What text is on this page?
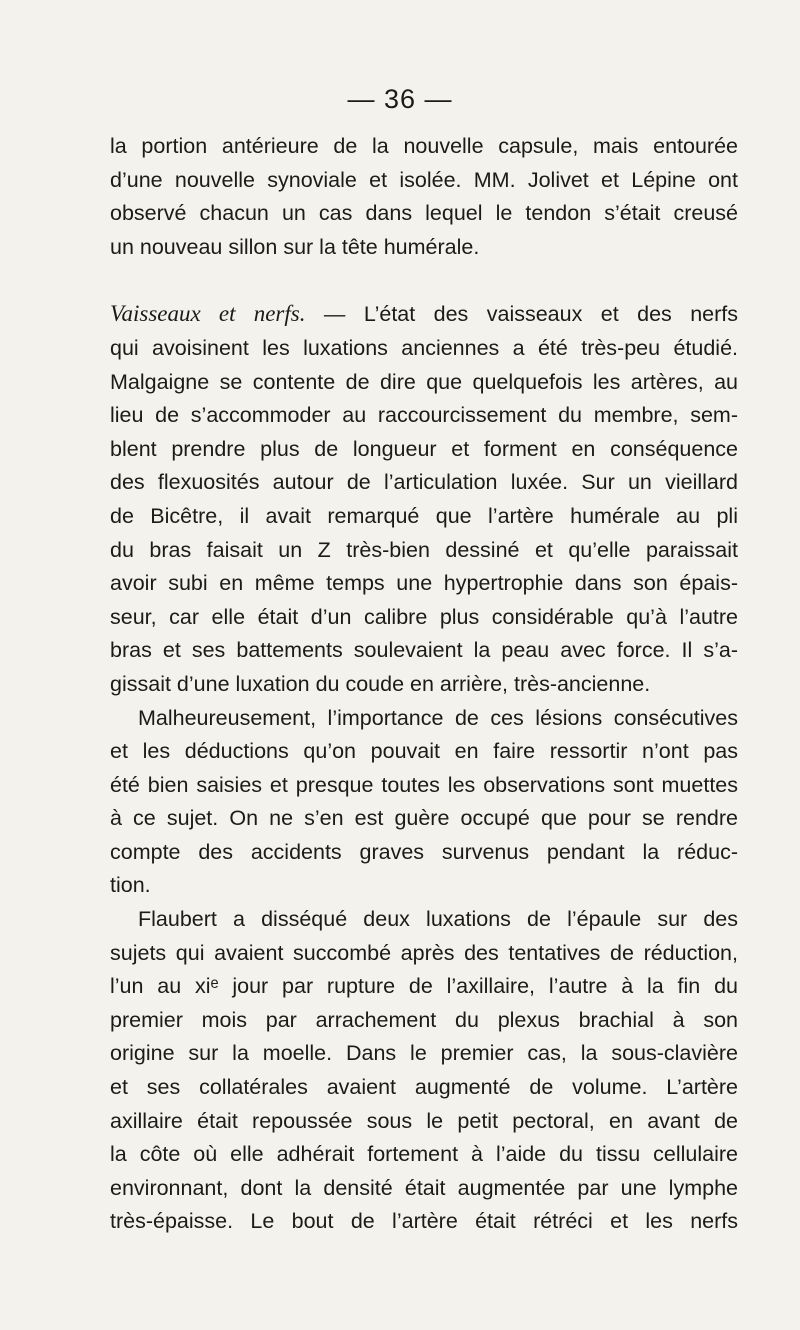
— 36 —
la portion antérieure de la nouvelle capsule, mais entourée
d’une nouvelle synoviale et isolée. MM. Jolivet et Lépine ont
observé chacun un cas dans lequel le tendon s’était creusé
un nouveau sillon sur la tête humérale.
Vaisseaux et nerfs. — L’état des vaisseaux et des nerfs
qui avoisinent les luxations anciennes a été très-peu étudié.
Malgaigne se contente de dire que quelquefois les artères, au
lieu de s’accommoder au raccourcissement du membre, sem-
blent prendre plus de longueur et forment en conséquence
des flexuosités autour de l’articulation luxée. Sur un vieillard
de Bicêtre, il avait remarqué que l’artère humérale au pli
du bras faisait un Z très-bien dessiné et qu’elle paraissait
avoir subi en même temps une hypertrophie dans son épais-
seur, car elle était d’un calibre plus considérable qu’à l’autre
bras et ses battements soulevaient la peau avec force. Il s’a-
gissait d’une luxation du coude en arrière, très-ancienne.
Malheureusement, l’importance de ces lésions consécutives
et les déductions qu’on pouvait en faire ressortir n’ont pas
été bien saisies et presque toutes les observations sont muettes
à ce sujet. On ne s’en est guère occupé que pour se rendre
compte des accidents graves survenus pendant la réduc-
tion.
Flaubert a disséqué deux luxations de l’épaule sur des
sujets qui avaient succombé après des tentatives de réduction,
l’un au xiᵉ jour par rupture de l’axillaire, l’autre à la fin du
premier mois par arrachement du plexus brachial à son
origine sur la moelle. Dans le premier cas, la sous-clavière
et ses collatérales avaient augmenté de volume. L’artère
axillaire était repoussée sous le petit pectoral, en avant de
la côte où elle adhérait fortement à l’aide du tissu cellulaire
environnant, dont la densité était augmentée par une lymphe
très-épaisse. Le bout de l’artère était rétréci et les nerfs
